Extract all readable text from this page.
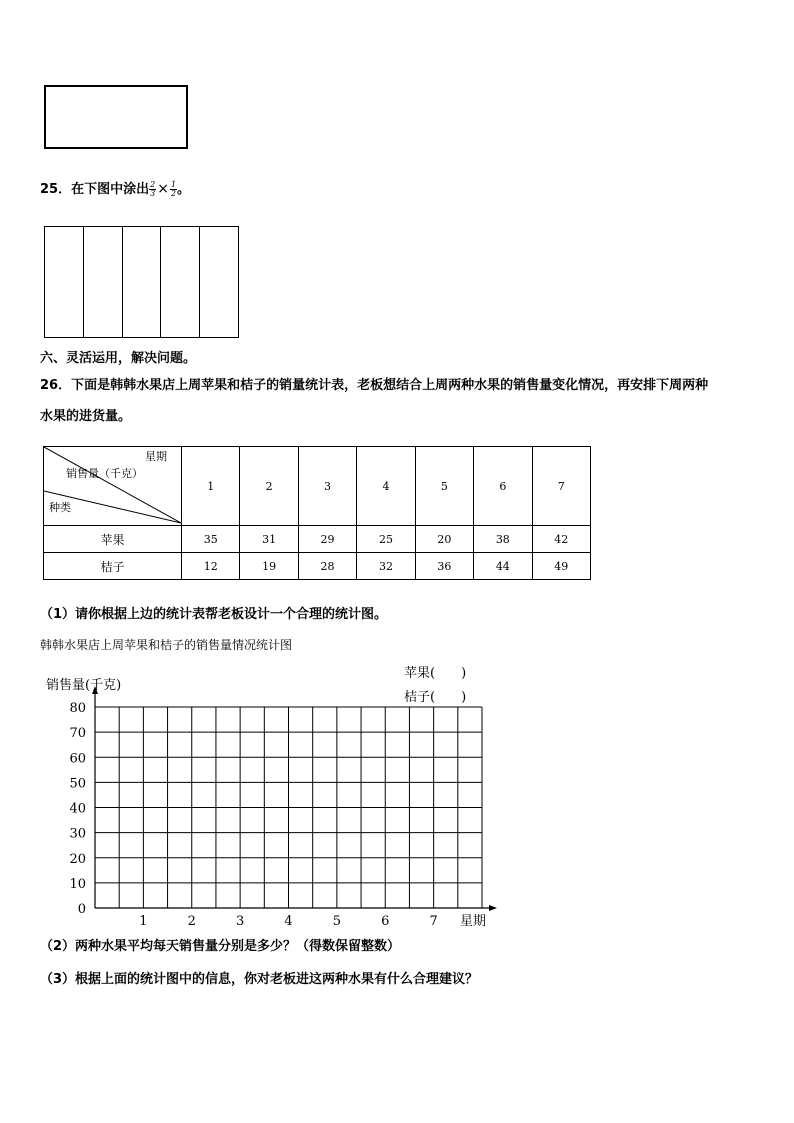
25．在下图中涂出 $\frac{2}{3} \times \frac{1}{2}$ 。
六、灵活运用，解决问题。
26．下面是韩韩水果店上周苹果和桔子的销量统计表，老板想结合上周两种水果的销售量变化情况，再安排下周两种
水果的进货量。
星期
销售量（千克）
种类	1	2	3	4	5	6	7
苹果	35	31	29	25	20	38	42
桔子	12	19	28	32	36	44	49
（1）请你根据上边的统计表帮老板设计一个合理的统计图。
韩韩水果店上周苹果和桔子的销售量情况统计图
苹果(　　)
桔子(　　)
销售量(千克)
0
10
20
30
40
50
60
70
80
1	2	3	4	5	6	7 星期
（2）两种水果平均每天销售量分别是多少？（得数保留整数）
（3）根据上面的统计图中的信息，你对老板进这两种水果有什么合理建议？
